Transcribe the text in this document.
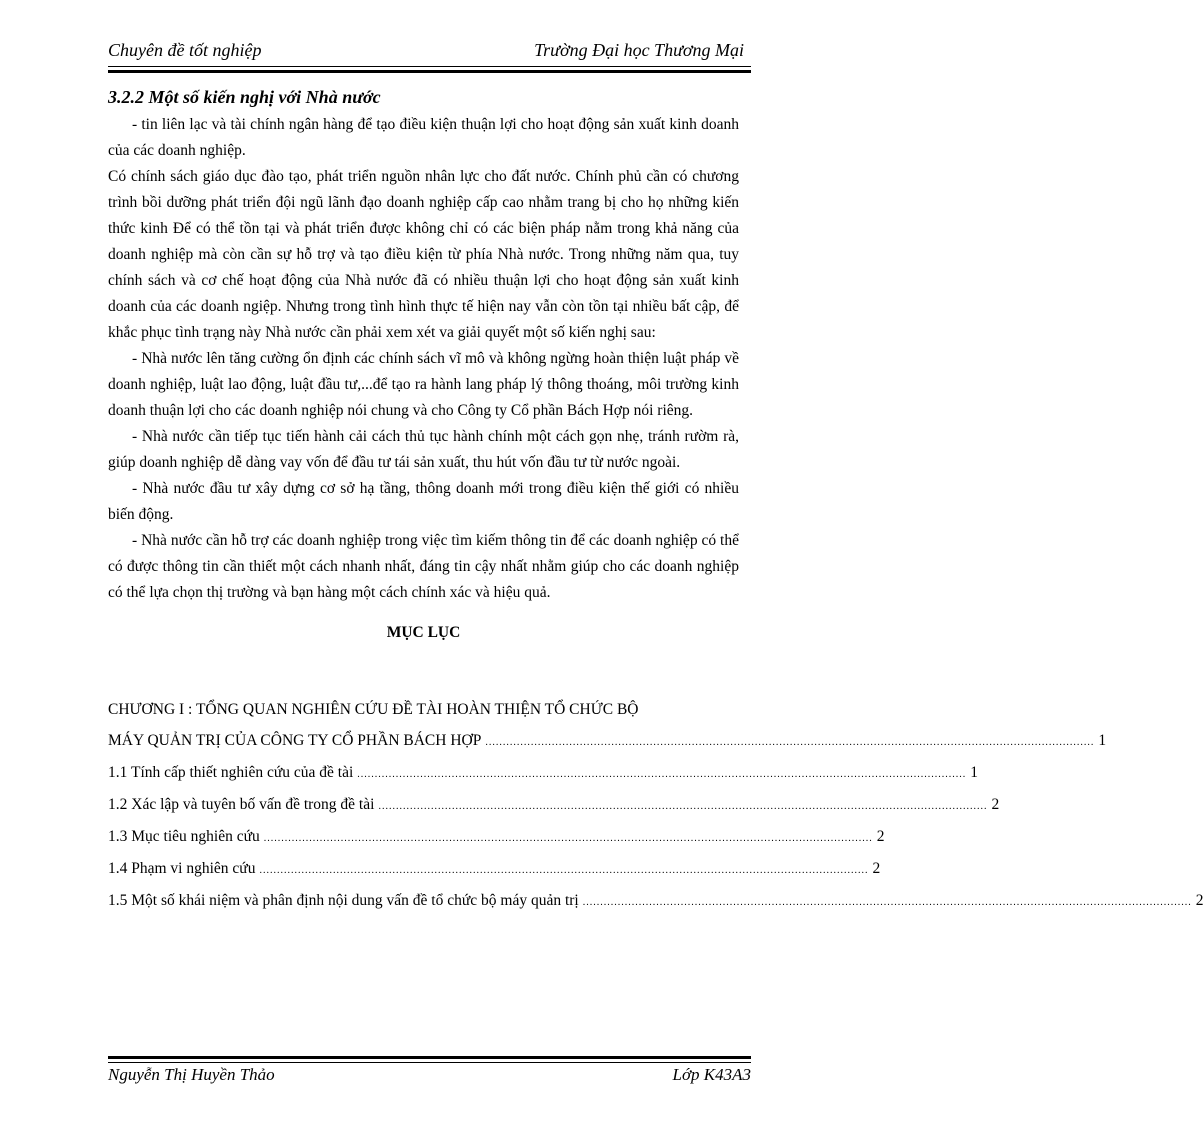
Chuyên đề tốt nghiệp	Trường Đại học Thương Mại

3.2.2 Một số kiến nghị với Nhà nước

- tin liên lạc và tài chính ngân hàng để tạo điều kiện thuận lợi cho hoạt động sản xuất kinh doanh của các doanh nghiệp.

Có chính sách giáo dục đào tạo, phát triển nguồn nhân lực cho đất nước. Chính phủ cần có chương trình bồi dưỡng phát triển đội ngũ lãnh đạo doanh nghiệp cấp cao nhằm trang bị cho họ những kiến thức kinh Để có thể tồn tại và phát triển được không chỉ có các biện pháp nằm trong khả năng của doanh nghiệp mà còn cần sự hỗ trợ và tạo điều kiện từ phía Nhà nước. Trong những năm qua, tuy chính sách và cơ chế hoạt động của Nhà nước đã có nhiều thuận lợi cho hoạt động sản xuất kinh doanh của các doanh ngiệp. Nhưng trong tình hình thực tế hiện nay vẫn còn tồn tại nhiều bất cập, để khắc phục tình trạng này Nhà nước cần phải xem xét va giải quyết một số kiến nghị sau:

- Nhà nước lên tăng cường ổn định các chính sách vĩ mô và không ngừng hoàn thiện luật pháp về doanh nghiệp, luật lao động, luật đầu tư,...để tạo ra hành lang pháp lý thông thoáng, môi trường kinh doanh thuận lợi cho các doanh nghiệp nói chung và cho Công ty Cổ phần Bách Hợp nói riêng.

- Nhà nước cần tiếp tục tiến hành cải cách thủ tục hành chính một cách gọn nhẹ, tránh rườm rà, giúp doanh nghiệp dễ dàng vay vốn để đầu tư tái sản xuất, thu hút vốn đầu tư từ nước ngoài.

- Nhà nước đầu tư xây dựng cơ sở hạ tầng, thông doanh mới trong điều kiện thế giới có nhiều biến động.

- Nhà nước cần hỗ trợ các doanh nghiệp trong việc tìm kiếm thông tin để các doanh nghiệp có thể có được thông tin cần thiết một cách nhanh nhất, đáng tin cậy nhất nhằm giúp cho các doanh nghiệp có thể lựa chọn thị trường và bạn hàng một cách chính xác và hiệu quả.

MỤC LỤC

CHƯƠNG I : TỔNG QUAN NGHIÊN CỨU ĐỀ TÀI HOÀN THIỆN TỔ CHỨC BỘ

MÁY QUẢN TRỊ CỦA CÔNG TY CỔ PHẦN BÁCH HỢP .............................................................................................................................................................................. 1
1.1 Tính cấp thiết nghiên cứu của đề tài .............................................................................................................................................................................. 1
1.2 Xác lập và tuyên bố vấn đề trong đề tài .............................................................................................................................................................................. 2
1.3 Mục tiêu nghiên cứu .............................................................................................................................................................................. 2
1.4 Phạm vi nghiên cứu .............................................................................................................................................................................. 2
1.5 Một số khái niệm và phân định nội dung vấn đề tổ chức bộ máy quản trị .............................................................................................................................................................................. 2
Nguyễn Thị Huyền Thảo	Lớp K43A3
